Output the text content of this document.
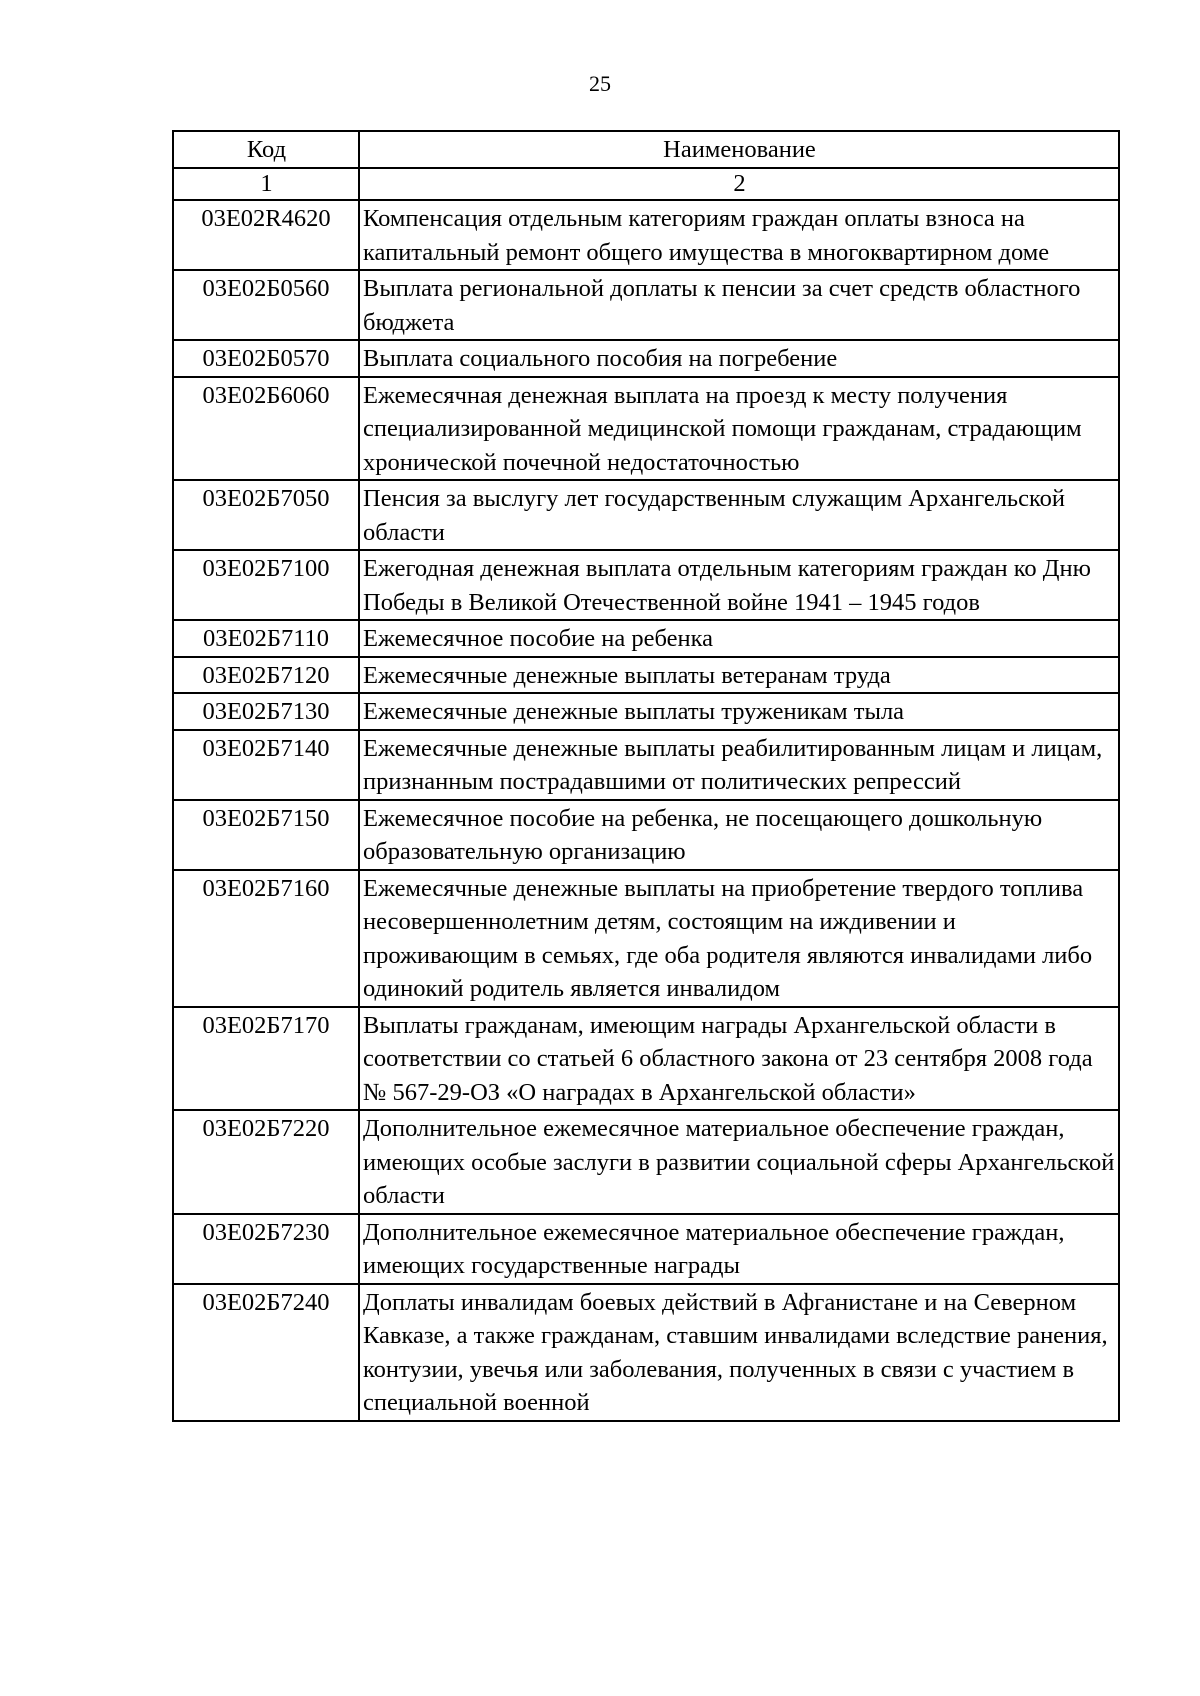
25
Код	Наименование
1	2
03Е02R4620	Компенсация отдельным категориям граждан оплаты взноса на капитальный ремонт общего имущества в многоквартирном доме
03Е02Б0560	Выплата региональной доплаты к пенсии за счет средств областного бюджета
03Е02Б0570	Выплата социального пособия на погребение
03Е02Б6060	Ежемесячная денежная выплата на проезд к месту получения специализированной медицинской помощи гражданам, страдающим хронической почечной недостаточностью
03Е02Б7050	Пенсия за выслугу лет государственным служащим Архангельской области
03Е02Б7100	Ежегодная денежная выплата отдельным категориям граждан ко Дню Победы в Великой Отечественной войне 1941 – 1945 годов
03Е02Б7110	Ежемесячное пособие на ребенка
03Е02Б7120	Ежемесячные денежные выплаты ветеранам труда
03Е02Б7130	Ежемесячные денежные выплаты труженикам тыла
03Е02Б7140	Ежемесячные денежные выплаты реабилитированным лицам и лицам, признанным пострадавшими от политических репрессий
03Е02Б7150	Ежемесячное пособие на ребенка, не посещающего дошкольную образовательную организацию
03Е02Б7160	Ежемесячные денежные выплаты на приобретение твердого топлива несовершеннолетним детям, состоящим на иждивении и проживающим в семьях, где оба родителя являются инвалидами либо одинокий родитель является инвалидом
03Е02Б7170	Выплаты гражданам, имеющим награды Архангельской области в соответствии со статьей 6 областного закона от 23 сентября 2008 года № 567-29-ОЗ «О наградах в Архангельской области»
03Е02Б7220	Дополнительное ежемесячное материальное обеспечение граждан, имеющих особые заслуги в развитии социальной сферы Архангельской области
03Е02Б7230	Дополнительное ежемесячное материальное обеспечение граждан, имеющих государственные награды
03Е02Б7240	Доплаты инвалидам боевых действий в Афганистане и на Северном Кавказе, а также гражданам, ставшим инвалидами вследствие ранения, контузии, увечья или заболевания, полученных в связи с участием в специальной военной
